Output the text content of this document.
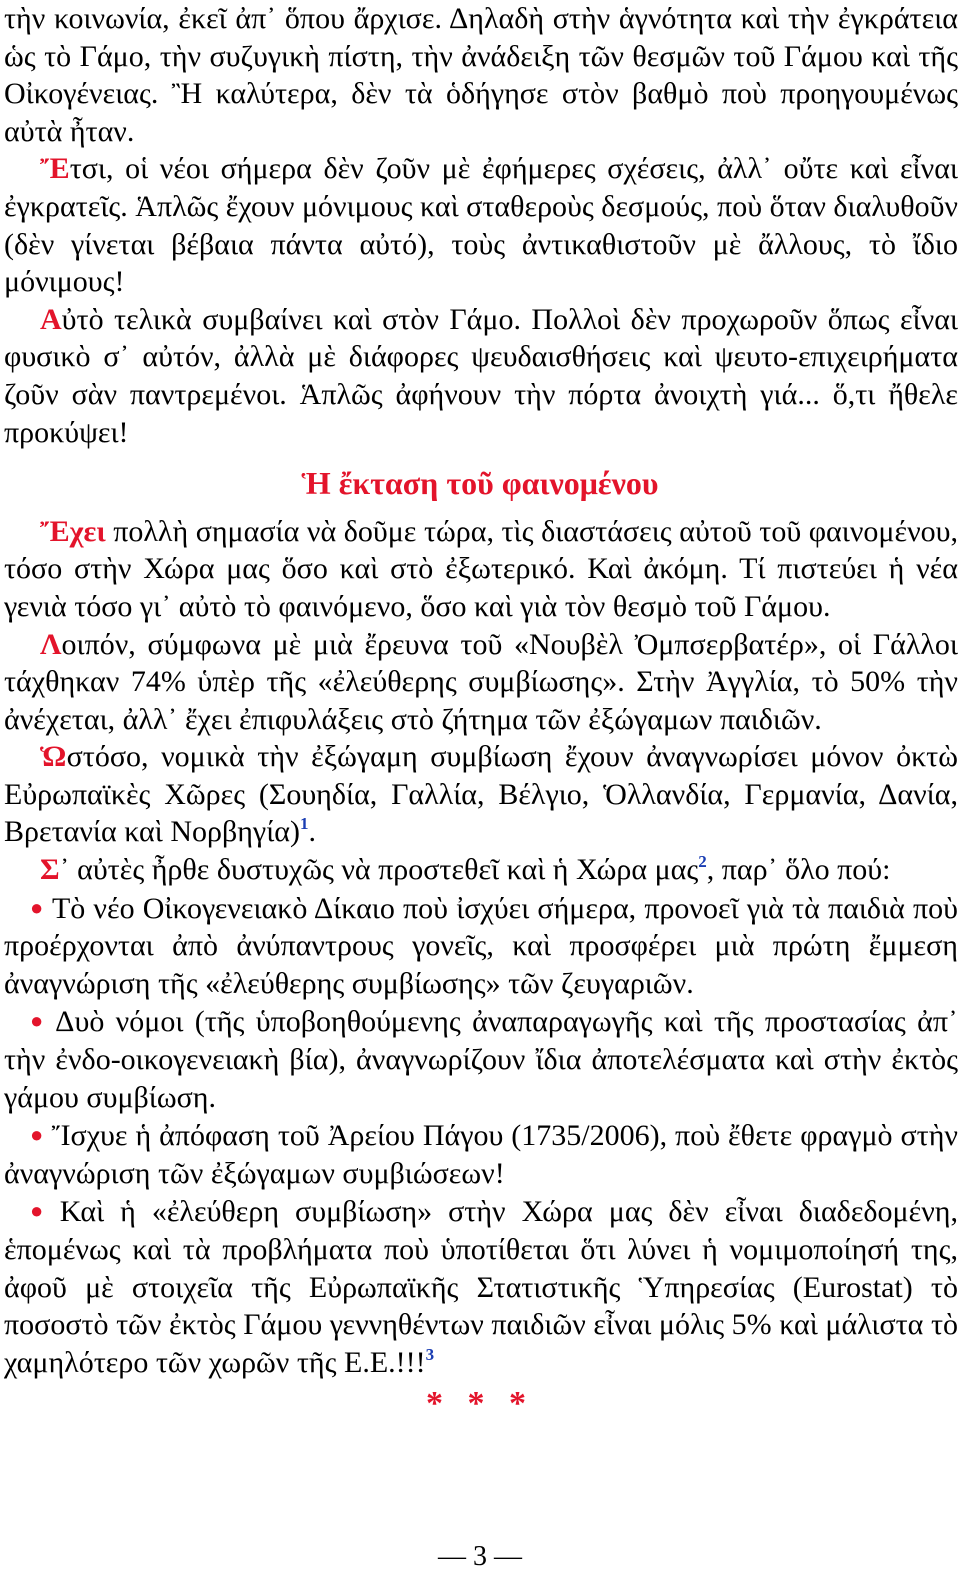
τὴν κοινωνία, ἐκεῖ ἀπ᾽ ὅπου ἄρχισε. Δηλαδὴ στὴν ἁγνότητα καὶ τὴν ἐγκράτεια ὡς τὸ Γάμο, τὴν συζυγικὴ πίστη, τὴν ἀνάδειξη τῶν θεσμῶν τοῦ Γάμου καὶ τῆς Οἰκογένειας. Ἢ καλύτερα, δὲν τὰ ὁδήγησε στὸν βαθμὸ ποὺ προηγουμένως αὐτὰ ἦταν.

Ἔτσι, οἱ νέοι σήμερα δὲν ζοῦν μὲ ἐφήμερες σχέσεις, ἀλλ᾽ οὔτε καὶ εἶναι ἐγκρατεῖς. Ἁπλῶς ἔχουν μόνιμους καὶ σταθεροὺς δεσμούς, ποὺ ὅταν διαλυθοῦν (δὲν γίνεται βέβαια πάντα αὐτό), τοὺς ἀντικαθιστοῦν μὲ ἄλλους, τὸ ἴδιο μόνιμους!

Αὐτὸ τελικὰ συμβαίνει καὶ στὸν Γάμο. Πολλοὶ δὲν προχωροῦν ὅπως εἶναι φυσικὸ σ᾽ αὐτόν, ἀλλὰ μὲ διάφορες ψευδαισθήσεις καὶ ψευτο-επιχειρήματα ζοῦν σὰν παντρεμένοι. Ἁπλῶς ἀφήνουν τὴν πόρτα ἀνοιχτὴ γιά... ὅ,τι ἤθελε προκύψει!

Ἡ ἔκταση τοῦ φαινομένου

Ἔχει πολλὴ σημασία νὰ δοῦμε τώρα, τὶς διαστάσεις αὐτοῦ τοῦ φαινομένου, τόσο στὴν Χώρα μας ὅσο καὶ στὸ ἐξωτερικό. Καὶ ἀκόμη. Τί πιστεύει ἡ νέα γενιὰ τόσο γι᾽ αὐτὸ τὸ φαινόμενο, ὅσο καὶ γιὰ τὸν θεσμὸ τοῦ Γάμου.

Λοιπόν, σύμφωνα μὲ μιὰ ἔρευνα τοῦ «Νουβὲλ Ὀμπσερβατέρ», οἱ Γάλλοι τάχθηκαν 74% ὑπὲρ τῆς «ἐλεύθερης συμβίωσης». Στὴν Ἀγγλία, τὸ 50% τὴν ἀνέχεται, ἀλλ᾽ ἔχει ἐπιφυλάξεις στὸ ζήτημα τῶν ἐξώγαμων παιδιῶν.

Ὡστόσο, νομικὰ τὴν ἐξώγαμη συμβίωση ἔχουν ἀναγνωρίσει μόνον ὀκτὼ Εὐρωπαϊκὲς Χῶρες (Σουηδία, Γαλλία, Βέλγιο, Ὁλλανδία, Γερμανία, Δανία, Βρετανία καὶ Νορβηγία)$^1$.

Σ᾽ αὐτὲς ἦρθε δυστυχῶς νὰ προστεθεῖ καὶ ἡ Χώρα μας$^2$, παρ᾽ ὅλο πού:

● Τὸ νέο Οἰκογενειακὸ Δίκαιο ποὺ ἰσχύει σήμερα, προνοεῖ γιὰ τὰ παιδιὰ ποὺ προέρχονται ἀπὸ ἀνύπαντρους γονεῖς, καὶ προσφέρει μιὰ πρώτη ἔμμεση ἀναγνώριση τῆς «ἐλεύθερης συμβίωσης» τῶν ζευγαριῶν.

● Δυὸ νόμοι (τῆς ὑποβοηθούμενης ἀναπαραγωγῆς καὶ τῆς προστασίας ἀπ᾽ τὴν ἐνδο-οικογενειακὴ βία), ἀναγνωρίζουν ἴδια ἀποτελέσματα καὶ στὴν ἐκτὸς γάμου συμβίωση.

● Ἴσχυε ἡ ἀπόφαση τοῦ Ἀρείου Πάγου (1735/2006), ποὺ ἔθετε φραγμὸ στὴν ἀναγνώριση τῶν ἐξώγαμων συμβιώσεων!

● Καὶ ἡ «ἐλεύθερη συμβίωση» στὴν Χώρα μας δὲν εἶναι διαδεδομένη, ἑπομένως καὶ τὰ προβλήματα ποὺ ὑποτίθεται ὅτι λύνει ἡ νομιμοποίησή της, ἀφοῦ μὲ στοιχεῖα τῆς Εὐρωπαϊκῆς Στατιστικῆς Ὑπηρεσίας (Eurostat) τὸ ποσοστὸ τῶν ἐκτὸς Γάμου γεννηθέντων παιδιῶν εἶναι μόλις 5% καὶ μάλιστα τὸ χαμηλότερο τῶν χωρῶν τῆς Ε.Ε.!!!$^3$

* * *
— 3 —
